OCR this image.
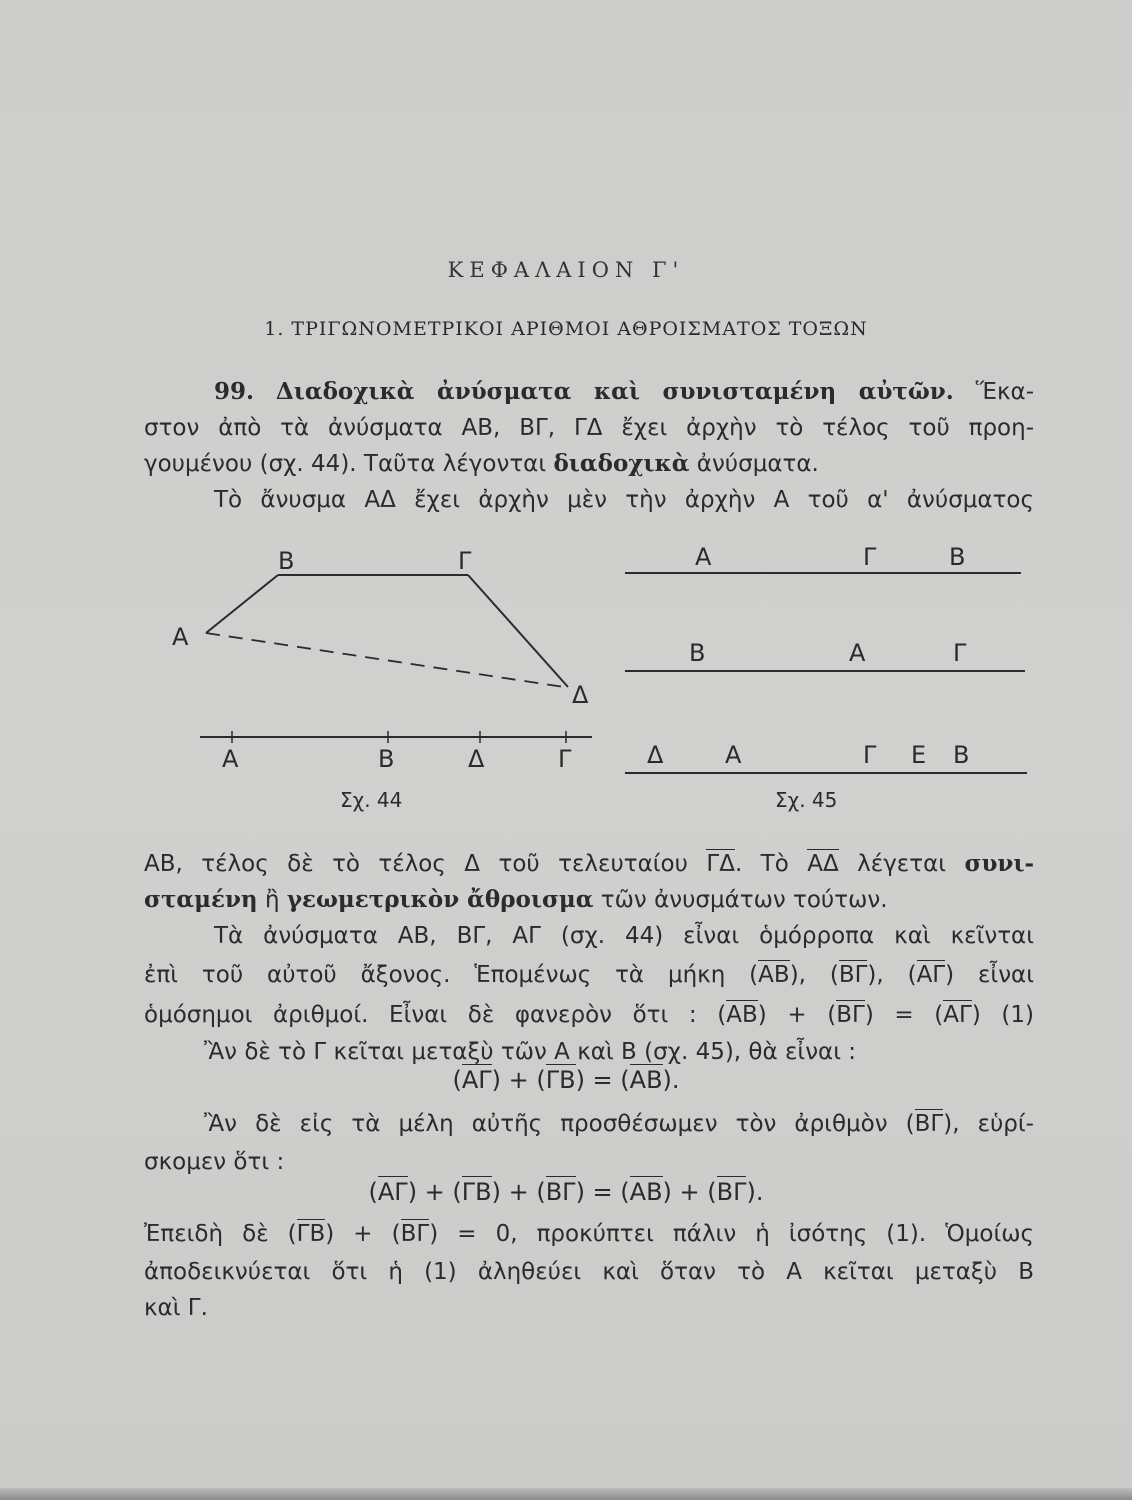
ΚΕΦΑΛΑΙΟΝ Γ'
1. ΤΡΙΓΩΝΟΜΕΤΡΙΚΟΙ ΑΡΙΘΜΟΙ ΑΘΡΟΙΣΜΑΤΟΣ ΤΟΞΩΝ
99. Διαδοχικὰ ἀνύσματα καὶ συνισταμένη αὐτῶν. Ἕκα-
στον ἀπὸ τὰ ἀνύσματα ΑΒ, ΒΓ, ΓΔ ἔχει ἀρχὴν τὸ τέλος τοῦ προη-
γουμένου (σχ. 44). Ταῦτα λέγονται διαδοχικὰ ἀνύσματα.
Τὸ ἄνυσμα ΑΔ ἔχει ἀρχὴν μὲν τὴν ἀρχὴν Α τοῦ α' ἀνύσματος
Α
Β	Γ
Δ
Α	Β	Δ	Γ
Σχ. 44
Α	Γ	Β
Β	Α	Γ
Δ	Α	Γ Ε Β
Σχ. 45
ΑΒ, τέλος δὲ τὸ τέλος Δ τοῦ τελευταίου ΓΔ. Τὸ ΑΔ λέγεται συνι-
σταμένη ἢ γεωμετρικὸν ἄθροισμα τῶν ἀνυσμάτων τούτων.
Τὰ ἀνύσματα ΑΒ, ΒΓ, ΑΓ (σχ. 44) εἶναι ὁμόρροπα καὶ κεῖνται
ἐπὶ τοῦ αὐτοῦ ἄξονος. Ἑπομένως τὰ μήκη (ΑΒ), (ΒΓ), (ΑΓ) εἶναι
ὁμόσημοι ἀριθμοί. Εἶναι δὲ φανερὸν ὅτι : (ΑΒ) + (ΒΓ) = (ΑΓ) (1)
Ἂν δὲ τὸ Γ κεῖται μεταξὺ τῶν Α καὶ Β (σχ. 45), θὰ εἶναι :
(ΑΓ) + (ΓΒ) = (ΑΒ).
Ἂν δὲ εἰς τὰ μέλη αὐτῆς προσθέσωμεν τὸν ἀριθμὸν (ΒΓ), εὑρί-
σκομεν ὅτι :
(ΑΓ) + (ΓΒ) + (ΒΓ) = (ΑΒ) + (ΒΓ).
Ἐπειδὴ δὲ (ΓΒ) + (ΒΓ) = 0, προκύπτει πάλιν ἡ ἰσότης (1). Ὁμοίως
ἀποδεικνύεται ὅτι ἡ (1) ἀληθεύει καὶ ὅταν τὸ Α κεῖται μεταξὺ Β
καὶ Γ.
